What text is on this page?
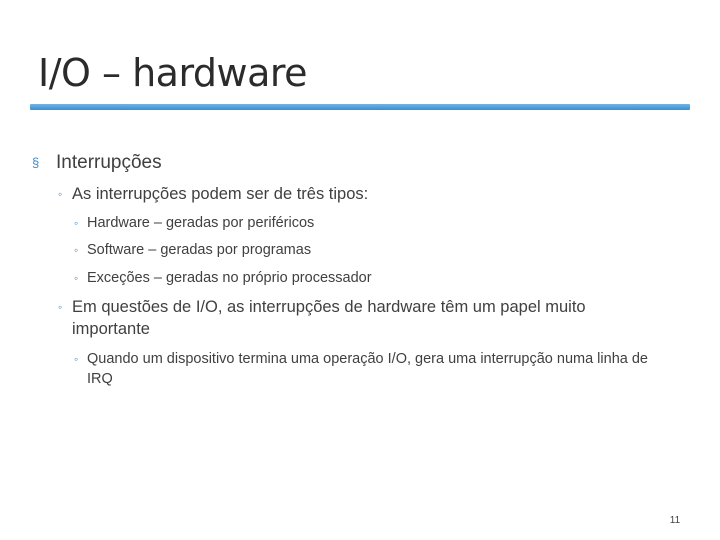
I/O – hardware
§ Interrupções
◦ As interrupções podem ser de três tipos:
◦ Hardware – geradas por periféricos
◦ Software – geradas por programas
◦ Exceções – geradas no próprio processador
◦ Em questões de I/O, as interrupções de hardware têm um papel muito importante
◦ Quando um dispositivo termina uma operação I/O, gera uma interrupção numa linha de IRQ
11
